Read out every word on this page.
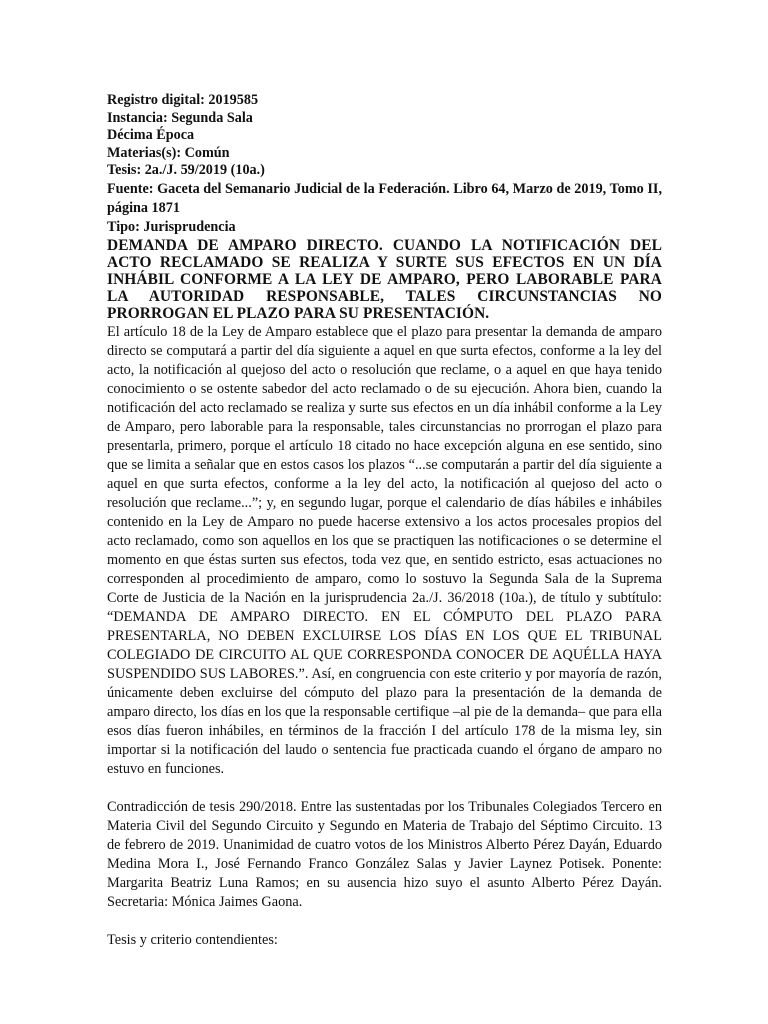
Registro digital: 2019585

Instancia: Segunda Sala

Décima Época

Materias(s): Común

Tesis: 2a./J. 59/2019 (10a.)

Fuente: Gaceta del Semanario Judicial de la Federación. Libro 64, Marzo de 2019, Tomo II, página 1871

Tipo: Jurisprudencia

DEMANDA DE AMPARO DIRECTO. CUANDO LA NOTIFICACIÓN DEL ACTO RECLAMADO SE REALIZA Y SURTE SUS EFECTOS EN UN DÍA INHÁBIL CONFORME A LA LEY DE AMPARO, PERO LABORABLE PARA LA AUTORIDAD RESPONSABLE, TALES CIRCUNSTANCIAS NO PRORROGAN EL PLAZO PARA SU PRESENTACIÓN.

El artículo 18 de la Ley de Amparo establece que el plazo para presentar la demanda de amparo directo se computará a partir del día siguiente a aquel en que surta efectos, conforme a la ley del acto, la notificación al quejoso del acto o resolución que reclame, o a aquel en que haya tenido conocimiento o se ostente sabedor del acto reclamado o de su ejecución. Ahora bien, cuando la notificación del acto reclamado se realiza y surte sus efectos en un día inhábil conforme a la Ley de Amparo, pero laborable para la responsable, tales circunstancias no prorrogan el plazo para presentarla, primero, porque el artículo 18 citado no hace excepción alguna en ese sentido, sino que se limita a señalar que en estos casos los plazos “...se computarán a partir del día siguiente a aquel en que surta efectos, conforme a la ley del acto, la notificación al quejoso del acto o resolución que reclame...”; y, en segundo lugar, porque el calendario de días hábiles e inhábiles contenido en la Ley de Amparo no puede hacerse extensivo a los actos procesales propios del acto reclamado, como son aquellos en los que se practiquen las notificaciones o se determine el momento en que éstas surten sus efectos, toda vez que, en sentido estricto, esas actuaciones no corresponden al procedimiento de amparo, como lo sostuvo la Segunda Sala de la Suprema Corte de Justicia de la Nación en la jurisprudencia 2a./J. 36/2018 (10a.), de título y subtítulo: “DEMANDA DE AMPARO DIRECTO. EN EL CÓMPUTO DEL PLAZO PARA PRESENTARLA, NO DEBEN EXCLUIRSE LOS DÍAS EN LOS QUE EL TRIBUNAL COLEGIADO DE CIRCUITO AL QUE CORRESPONDA CONOCER DE AQUÉLLA HAYA SUSPENDIDO SUS LABORES.”. Así, en congruencia con este criterio y por mayoría de razón, únicamente deben excluirse del cómputo del plazo para la presentación de la demanda de amparo directo, los días en los que la responsable certifique –al pie de la demanda– que para ella esos días fueron inhábiles, en términos de la fracción I del artículo 178 de la misma ley, sin importar si la notificación del laudo o sentencia fue practicada cuando el órgano de amparo no estuvo en funciones.

Contradicción de tesis 290/2018. Entre las sustentadas por los Tribunales Colegiados Tercero en Materia Civil del Segundo Circuito y Segundo en Materia de Trabajo del Séptimo Circuito. 13 de febrero de 2019. Unanimidad de cuatro votos de los Ministros Alberto Pérez Dayán, Eduardo Medina Mora I., José Fernando Franco González Salas y Javier Laynez Potisek. Ponente: Margarita Beatriz Luna Ramos; en su ausencia hizo suyo el asunto Alberto Pérez Dayán. Secretaria: Mónica Jaimes Gaona.

Tesis y criterio contendientes:
